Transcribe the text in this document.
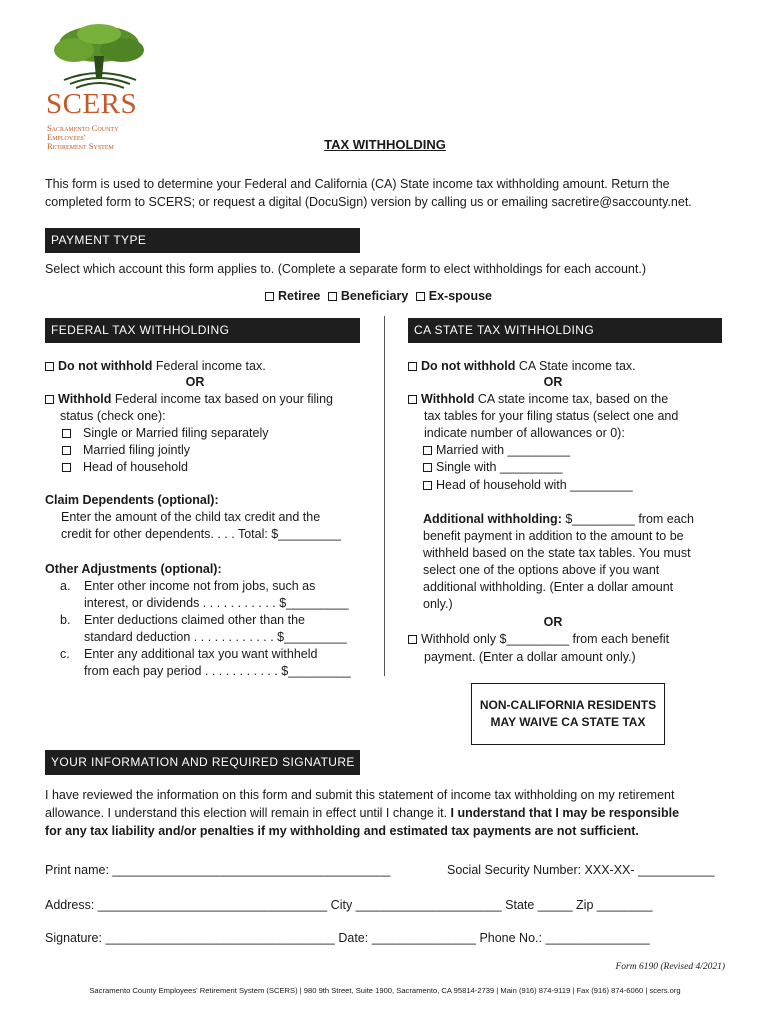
SCERS
Sacramento County
Employees'
Retirement System	TAX WITHHOLDING
This form is used to determine your Federal and California (CA) State income tax withholding amount. Return the
completed form to SCERS; or request a digital (DocuSign) version by calling us or emailing sacretire@saccounty.net.
PAYMENT TYPE
Select which account this form applies to. (Complete a separate form to elect withholdings for each account.)
Retiree Beneficiary Ex-spouse
FEDERAL TAX WITHHOLDING
Do not withhold Federal income tax.
OR
Withhold Federal income tax based on your filing
status (check one):
Single or Married filing separately
Married filing jointly
Head of household
Claim Dependents (optional):
Enter the amount of the child tax credit and the
credit for other dependents. . . . Total: $_________
Other Adjustments (optional):
a. Enter other income not from jobs, such as
interest, or dividends . . . . . . . . . . . $_________
b. Enter deductions claimed other than the
standard deduction . . . . . . . . . . . . $_________
c. Enter any additional tax you want withheld
from each pay period . . . . . . . . . . . $_________
CA STATE TAX WITHHOLDING
Do not withhold CA State income tax.
OR
Withhold CA state income tax, based on the
tax tables for your filing status (select one and
indicate number of allowances or 0):
Married with _________
Single with _________
Head of household with _________
Additional withholding: $_________ from each
benefit payment in addition to the amount to be
withheld based on the state tax tables. You must
select one of the options above if you want
additional withholding. (Enter a dollar amount
only.)
OR
Withhold only $_________ from each benefit
payment. (Enter a dollar amount only.)
NON-CALIFORNIA RESIDENTS
MAY WAIVE CA STATE TAX
YOUR INFORMATION AND REQUIRED SIGNATURE
I have reviewed the information on this form and submit this statement of income tax withholding on my retirement
allowance. I understand this election will remain in effect until I change it. I understand that I may be responsible
for any tax liability and/or penalties if my withholding and estimated tax payments are not sufficient.
Print name: ________________________________________	Social Security Number: XXX-XX- ___________
Address: _________________________________ City _____________________ State _____ Zip ________
Signature: _________________________________ Date: _______________ Phone No.: _______________
Form 6190 (Revised 4/2021)
Sacramento County Employees' Retirement System (SCERS) | 980 9th Street, Suite 1900, Sacramento, CA 95814-2739 | Main (916) 874-9119 | Fax (916) 874-6060 | scers.org
